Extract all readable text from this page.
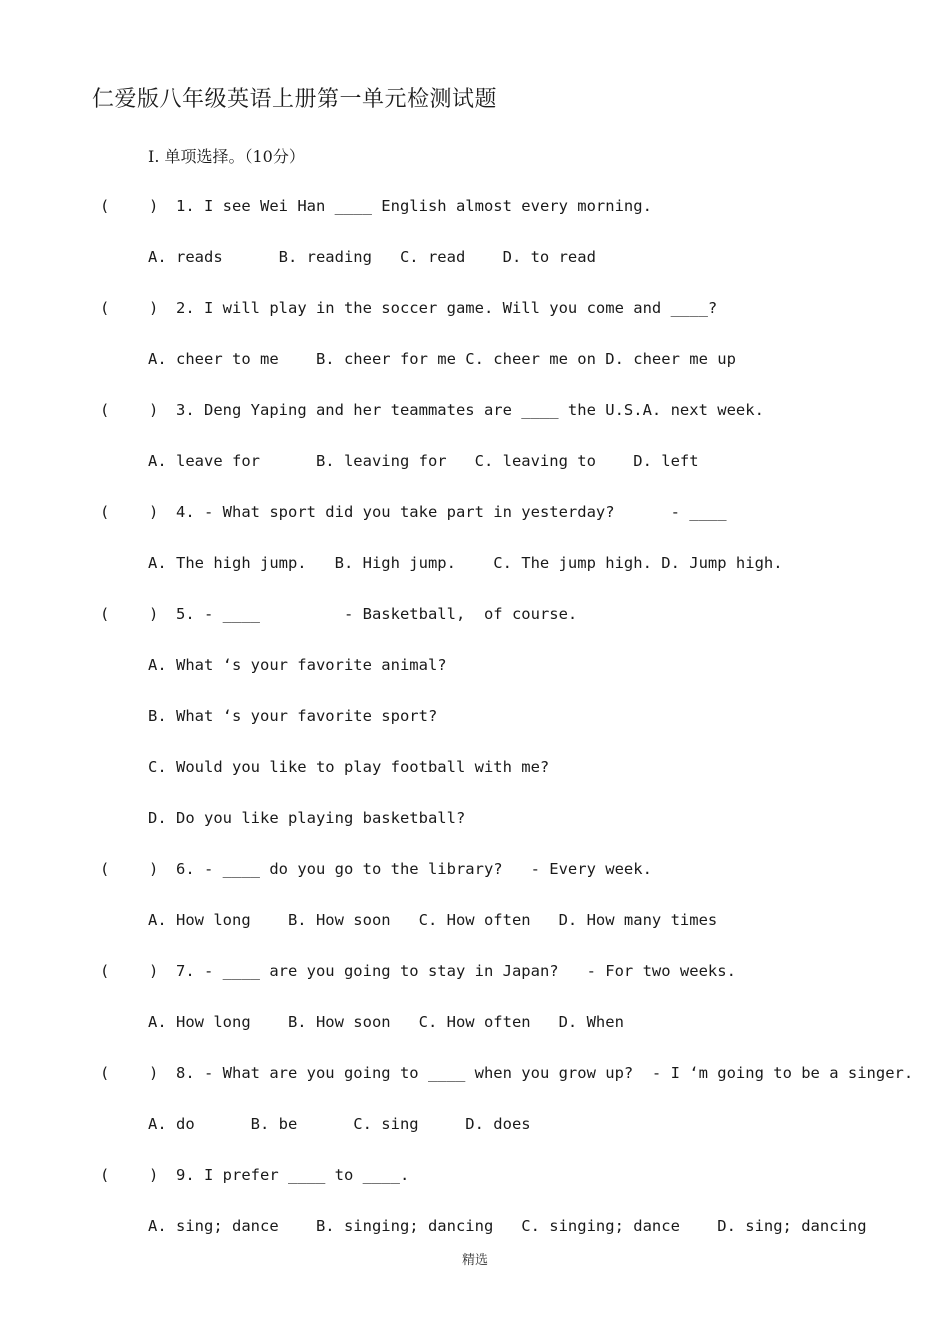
仁爱版八年级英语上册第一单元检测试题
Ⅰ. 单项选择。（10分）
(	) 1. I see Wei Han ____ English almost every morning.
A. reads      B. reading   C. read    D. to read
(	) 2. I will play in the soccer game. Will you come and ____?
A. cheer to me    B. cheer for me C. cheer me on D. cheer me up
(	) 3. Deng Yaping and her teammates are ____ the U.S.A. next week.
A. leave for      B. leaving for   C. leaving to    D. left
(	) 4. - What sport did you take part in yesterday?      - ____
A. The high jump.   B. High jump.    C. The jump high. D. Jump high.
(	) 5. - ____         - Basketball,  of course.
A. What ‘s your favorite animal?
B. What ‘s your favorite sport?
C. Would you like to play football with me?
D. Do you like playing basketball?
(	) 6. - ____ do you go to the library?   - Every week.
A. How long    B. How soon   C. How often   D. How many times
(	) 7. - ____ are you going to stay in Japan?   - For two weeks.
A. How long    B. How soon   C. How often   D. When
(	) 8. - What are you going to ____ when you grow up?  - I ‘m going to be a singer.
A. do      B. be      C. sing     D. does
(	) 9. I prefer ____ to ____.
A. sing; dance    B. singing; dancing   C. singing; dance    D. sing; dancing
精选
